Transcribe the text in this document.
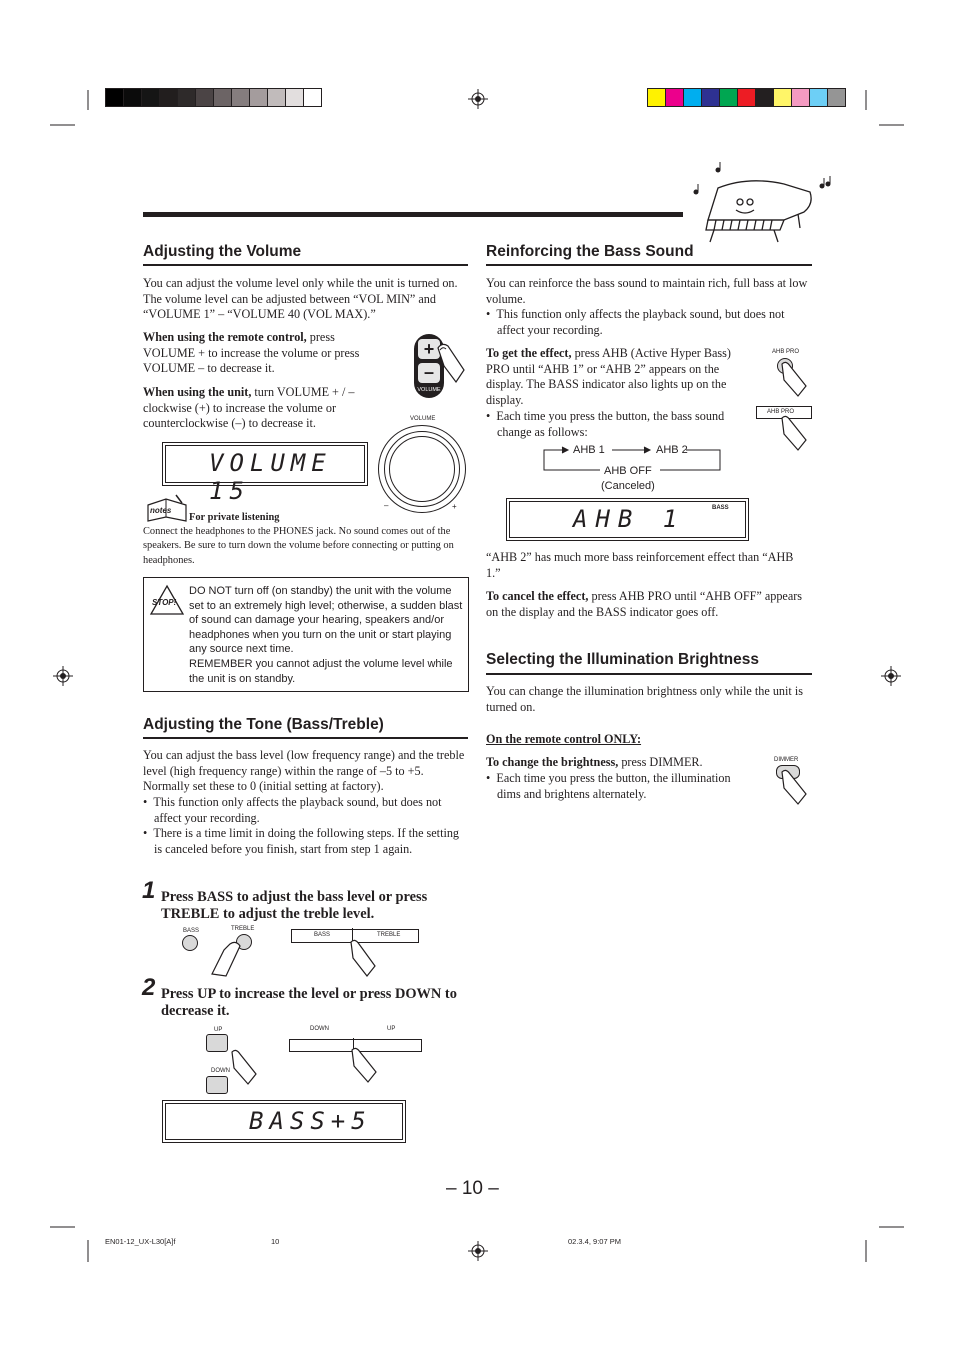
Adjusting the Volume
You can adjust the volume level only while the unit is turned on. The volume level can be adjusted between “VOL MIN” and “VOLUME 1” – “VOLUME 40 (VOL MAX).”
When using the remote control, press VOLUME + to increase the volume or press VOLUME – to decrease it.
+
–
VOLUME
When using the unit, turn VOLUME + / – clockwise (+) to increase the volume or counterclockwise (–) to decrease it.	VOLUME
–	+
VOLUME 15
notes
For private listening
Connect the headphones to the PHONES jack. No sound comes out of the speakers. Be sure to turn down the volume before connecting or putting on headphones.
STOP!
DO NOT turn off (on standby) the unit with the volume set to an extremely high level; otherwise, a sudden blast of sound can damage your hearing, speakers and/or headphones when you turn on the unit or start playing any source next time.
REMEMBER you cannot adjust the volume level while the unit is on standby.
Adjusting the Tone (Bass/Treble)
You can adjust the bass level (low frequency range) and the treble level (high frequency range) within the range of –5 to +5. Normally set these to 0 (initial setting at factory).
• This function only affects the playback sound, but does not affect your recording.
• There is a time limit in doing the following steps. If the setting is canceled before you finish, start from step 1 again.
1 Press BASS to adjust the bass level or press TREBLE to adjust the treble level.
BASS	TREBLE
BASS	TREBLE
2 Press UP to increase the level or press DOWN to decrease it.
UP
DOWN
DOWN	UP
BASS+5
Reinforcing the Bass Sound
You can reinforce the bass sound to maintain rich, full bass at low volume.
• This function only affects the playback sound, but does not affect your recording.
To get the effect, press AHB (Active Hyper Bass) PRO until “AHB 1” or “AHB 2” appears on the display. The BASS indicator also lights up on the display.
• Each time you press the button, the bass sound change as follows:
AHB PRO
AHB PRO
AHB 1	AHB 2
AHB OFF
(Canceled)
AHB 1	BASS
“AHB 2” has much more bass reinforcement effect than “AHB 1.”
To cancel the effect, press AHB PRO until “AHB OFF” appears on the display and the BASS indicator goes off.
Selecting the Illumination Brightness
You can change the illumination brightness only while the unit is turned on.
On the remote control ONLY:
To change the brightness, press DIMMER.
• Each time you press the button, the illumination dims and brightens alternately.
DIMMER
– 10 –
EN01-12_UX-L30[A]f	10	02.3.4, 9:07 PM
